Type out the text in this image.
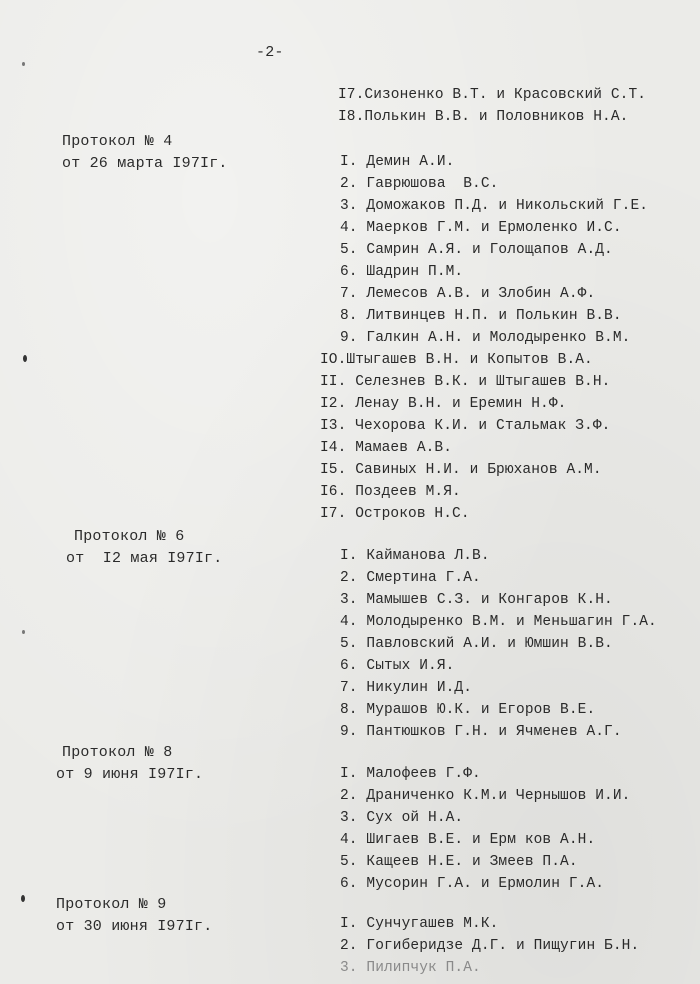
-2-
I7.Сизоненко В.Т. и Красовский С.Т.
I8.Полькин В.В. и Половников Н.А.
Протокол № 4
от 26 марта I97Iг.	I. Демин А.И.
2. Гаврюшова  В.С.
3. Доможаков П.Д. и Никольский Г.Е.
4. Маерков Г.М. и Ермоленко И.С.
5. Самрин А.Я. и Голощапов А.Д.
6. Шадрин П.М.
7. Лемесов А.В. и Злобин А.Ф.
8. Литвинцев Н.П. и Полькин В.В.
9. Галкин А.Н. и Молодыренко В.М.
IO.Штыгашев В.Н. и Копытов В.А.
II. Селезнев В.К. и Штыгашев В.Н.
I2. Ленау В.Н. и Еремин Н.Ф.
I3. Чехорова К.И. и Стальмак З.Ф.
I4. Мамаев А.В.
I5. Савиных Н.И. и Брюханов А.М.
I6. Поздеев М.Я.
I7. Остроков Н.С.
Протокол № 6
от  I2 мая I97Iг.	I. Кайманова Л.В.
2. Смертина Г.А.
3. Мамышев С.З. и Конгаров К.Н.
4. Молодыренко В.М. и Меньшагин Г.А.
5. Павловский А.И. и Юмшин В.В.
6. Сытых И.Я.
7. Никулин И.Д.
8. Мурашов Ю.К. и Егоров В.Е.
9. Пантюшков Г.Н. и Ячменев А.Г.
Протокол № 8
от 9 июня I97Iг.	I. Малофеев Г.Ф.
2. Драниченко К.М.и Чернышов И.И.
3. Сух ой Н.А.
4. Шигаев В.Е. и Ерм ков А.Н.
5. Кащеев Н.Е. и Змеев П.А.
6. Мусорин Г.А. и Ермолин Г.А.
Протокол № 9
от 30 июня I97Iг.	I. Сунчугашев М.К.
2. Гогиберидзе Д.Г. и Пищугин Б.Н.
3. Пилипчук П.А.
